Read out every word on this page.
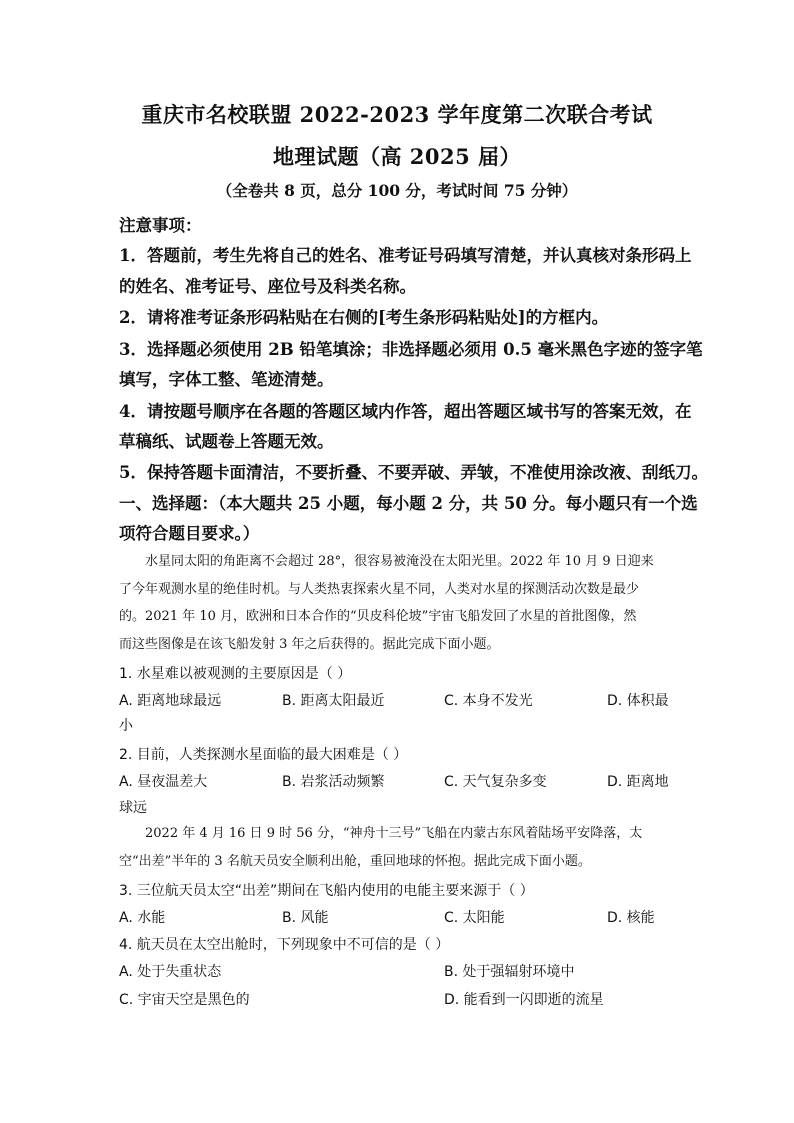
重庆市名校联盟 2022-2023 学年度第二次联合考试
地理试题（高 2025 届）
（全卷共 8 页，总分 100 分，考试时间 75 分钟）
注意事项：
1．答题前，考生先将自己的姓名、准考证号码填写清楚，并认真核对条形码上
的姓名、准考证号、座位号及科类名称。
2．请将准考证条形码粘贴在右侧的[考生条形码粘贴处]的方框内。
3．选择题必须使用 2B 铅笔填涂；非选择题必须用 0.5 毫米黑色字迹的签字笔
填写，字体工整、笔迹清楚。
4．请按题号顺序在各题的答题区域内作答，超出答题区域书写的答案无效，在
草稿纸、试题卷上答题无效。
5．保持答题卡面清洁，不要折叠、不要弄破、弄皱，不准使用涂改液、刮纸刀。
一、选择题：（本大题共 25 小题，每小题 2 分，共 50 分。每小题只有一个选
项符合题目要求。）
水星同太阳的角距离不会超过 28°，很容易被淹没在太阳光里。2022 年 10 月 9 日迎来
了今年观测水星的绝佳时机。与人类热衷探索火星不同，人类对水星的探测活动次数是最少
的。2021 年 10 月，欧洲和日本合作的“贝皮科伦坡”宇宙飞船发回了水星的首批图像，然
而这些图像是在该飞船发射 3 年之后获得的。据此完成下面小题。
1. 水星难以被观测的主要原因是（ ）
A. 距离地球最远	B. 距离太阳最近	C. 本身不发光	D. 体积最
小
2. 目前，人类探测水星面临的最大困难是（ ）
A. 昼夜温差大	B. 岩浆活动频繁	C. 天气复杂多变	D. 距离地
球远
2022 年 4 月 16 日 9 时 56 分，“神舟十三号”飞船在内蒙古东风着陆场平安降落，太
空“出差”半年的 3 名航天员安全顺利出舱，重回地球的怀抱。据此完成下面小题。
3. 三位航天员太空“出差”期间在飞船内使用的电能主要来源于（ ）
A. 水能	B. 风能	C. 太阳能	D. 核能
4. 航天员在太空出舱时，下列现象中不可信的是（ ）
A. 处于失重状态	B. 处于强辐射环境中
C. 宇宙天空是黑色的	D. 能看到一闪即逝的流星
